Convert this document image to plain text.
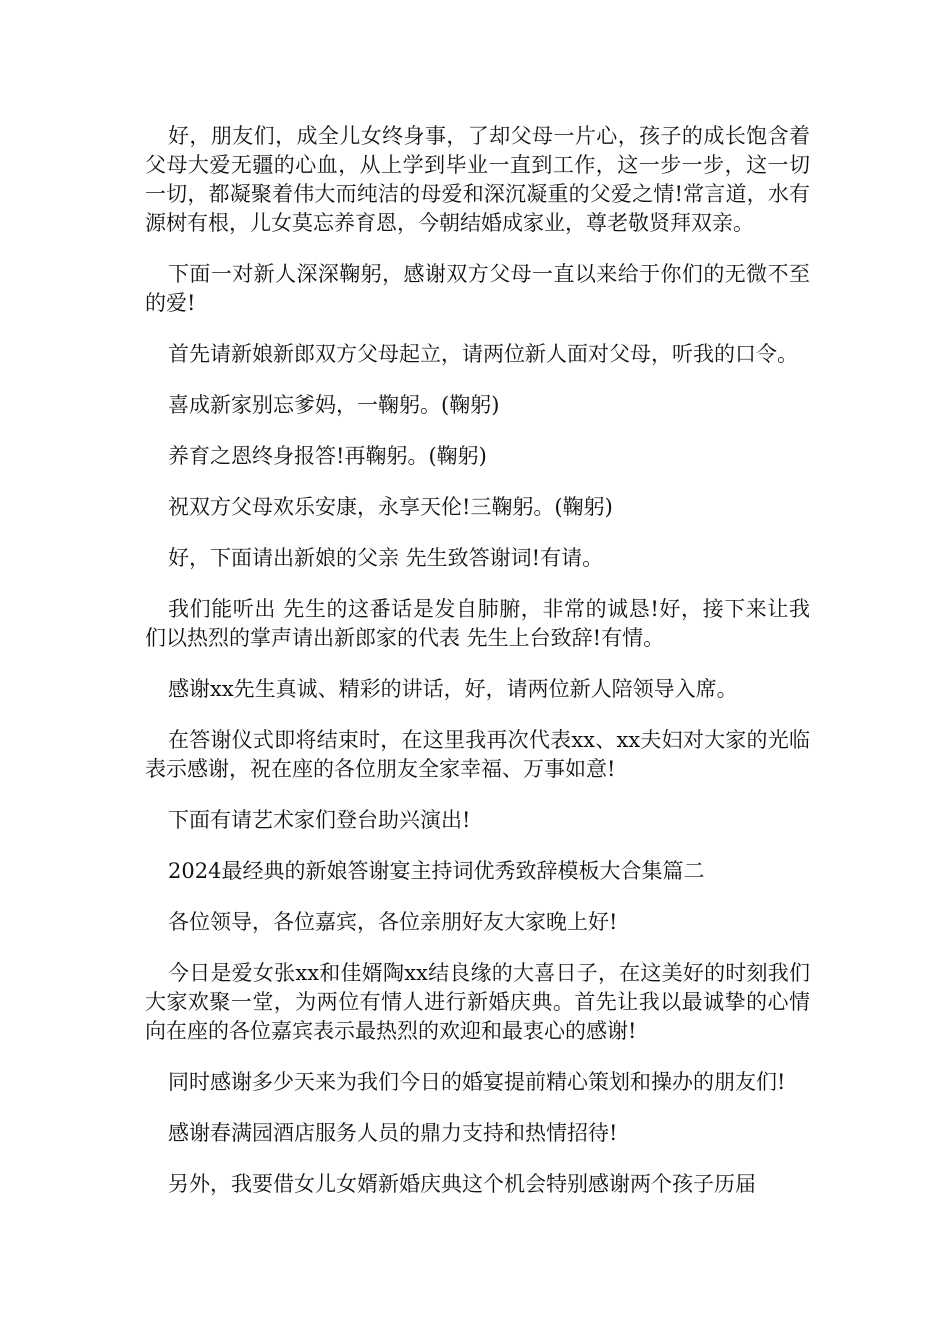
好，朋友们，成全儿女终身事，了却父母一片心，孩子的成长饱含着父母大爱无疆的心血，从上学到毕业一直到工作，这一步一步，这一切一切，都凝聚着伟大而纯洁的母爱和深沉凝重的父爱之情!常言道，水有源树有根，儿女莫忘养育恩，今朝结婚成家业，尊老敬贤拜双亲。

下面一对新人深深鞠躬，感谢双方父母一直以来给于你们的无微不至的爱!

首先请新娘新郎双方父母起立，请两位新人面对父母，听我的口令。

喜成新家别忘爹妈，一鞠躬。(鞠躬)

养育之恩终身报答!再鞠躬。(鞠躬)

祝双方父母欢乐安康，永享天伦!三鞠躬。(鞠躬)

好，下面请出新娘的父亲 先生致答谢词!有请。

我们能听出 先生的这番话是发自肺腑，非常的诚恳!好，接下来让我们以热烈的掌声请出新郎家的代表 先生上台致辞!有情。

感谢xx先生真诚、精彩的讲话，好，请两位新人陪领导入席。

在答谢仪式即将结束时，在这里我再次代表xx、xx夫妇对大家的光临表示感谢，祝在座的各位朋友全家幸福、万事如意!

下面有请艺术家们登台助兴演出!

2024最经典的新娘答谢宴主持词优秀致辞模板大合集篇二

各位领导，各位嘉宾，各位亲朋好友大家晚上好!

今日是爱女张xx和佳婿陶xx结良缘的大喜日子，在这美好的时刻我们大家欢聚一堂，为两位有情人进行新婚庆典。首先让我以最诚挚的心情向在座的各位嘉宾表示最热烈的欢迎和最衷心的感谢!

同时感谢多少天来为我们今日的婚宴提前精心策划和操办的朋友们!

感谢春满园酒店服务人员的鼎力支持和热情招待!

另外，我要借女儿女婿新婚庆典这个机会特别感谢两个孩子历届
